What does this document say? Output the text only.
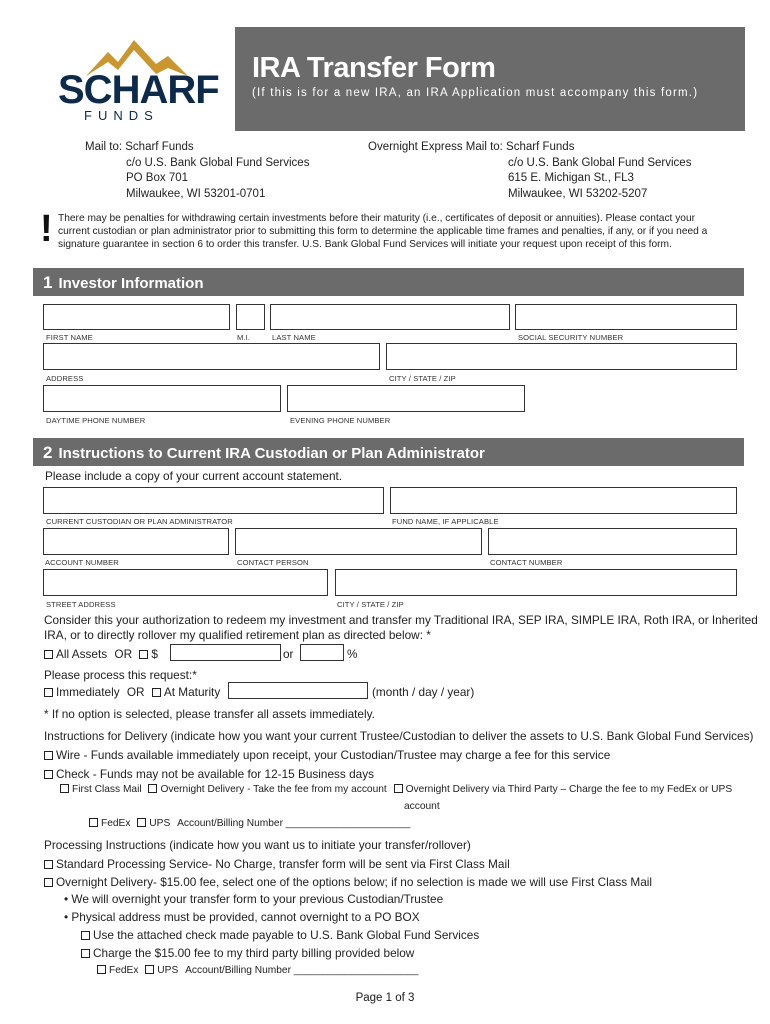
SCHARF
FUNDS
IRA Transfer Form
(If this is for a new IRA, an IRA Application must accompany this form.)
Mail to: Scharf Funds
c/o U.S. Bank Global Fund Services
PO Box 701
Milwaukee, WI 53201-0701
Overnight Express Mail to: Scharf Funds
c/o U.S. Bank Global Fund Services
615 E. Michigan St., FL3
Milwaukee, WI 53202-5207
! There may be penalties for withdrawing certain investments before their maturity (i.e., certificates of deposit or annuities). Please contact your current custodian or plan administrator prior to submitting this form to determine the applicable time frames and penalties, if any, or if you need a signature guarantee in section 6 to order this transfer. U.S. Bank Global Fund Services will initiate your request upon receipt of this form.
1 Investor Information
FIRST NAME	M.I.	LAST NAME	SOCIAL SECURITY NUMBER
ADDRESS	CITY / STATE / ZIP
DAYTIME PHONE NUMBER	EVENING PHONE NUMBER
2 Instructions to Current IRA Custodian or Plan Administrator
Please include a copy of your current account statement.
CURRENT CUSTODIAN OR PLAN ADMINISTRATOR	FUND NAME, IF APPLICABLE
ACCOUNT NUMBER	CONTACT PERSON	CONTACT NUMBER
STREET ADDRESS	CITY / STATE / ZIP
Consider this your authorization to redeem my investment and transfer my Traditional IRA, SEP IRA, SIMPLE IRA, Roth IRA, or Inherited
IRA, or to directly rollover my qualified retirement plan as directed below: *
All Assets OR $	or	%
Please process this request:*
Immediately OR At Maturity	(month / day / year)
* If no option is selected, please transfer all assets immediately.
Instructions for Delivery (indicate how you want your current Trustee/Custodian to deliver the assets to U.S. Bank Global Fund Services)
Wire - Funds available immediately upon receipt, your Custodian/Trustee may charge a fee for this service
Check - Funds may not be available for 12-15 Business days
First Class Mail Overnight Delivery - Take the fee from my account Overnight Delivery via Third Party – Charge the fee to my FedEx or UPS
account
FedEx UPS Account/Billing Number ______________________
Processing Instructions (indicate how you want us to initiate your transfer/rollover)
Standard Processing Service- No Charge, transfer form will be sent via First Class Mail
Overnight Delivery- $15.00 fee, select one of the options below; if no selection is made we will use First Class Mail
• We will overnight your transfer form to your previous Custodian/Trustee
• Physical address must be provided, cannot overnight to a PO BOX
Use the attached check made payable to U.S. Bank Global Fund Services
Charge the $15.00 fee to my third party billing provided below
FedEx UPS Account/Billing Number ______________________
Page 1 of 3
